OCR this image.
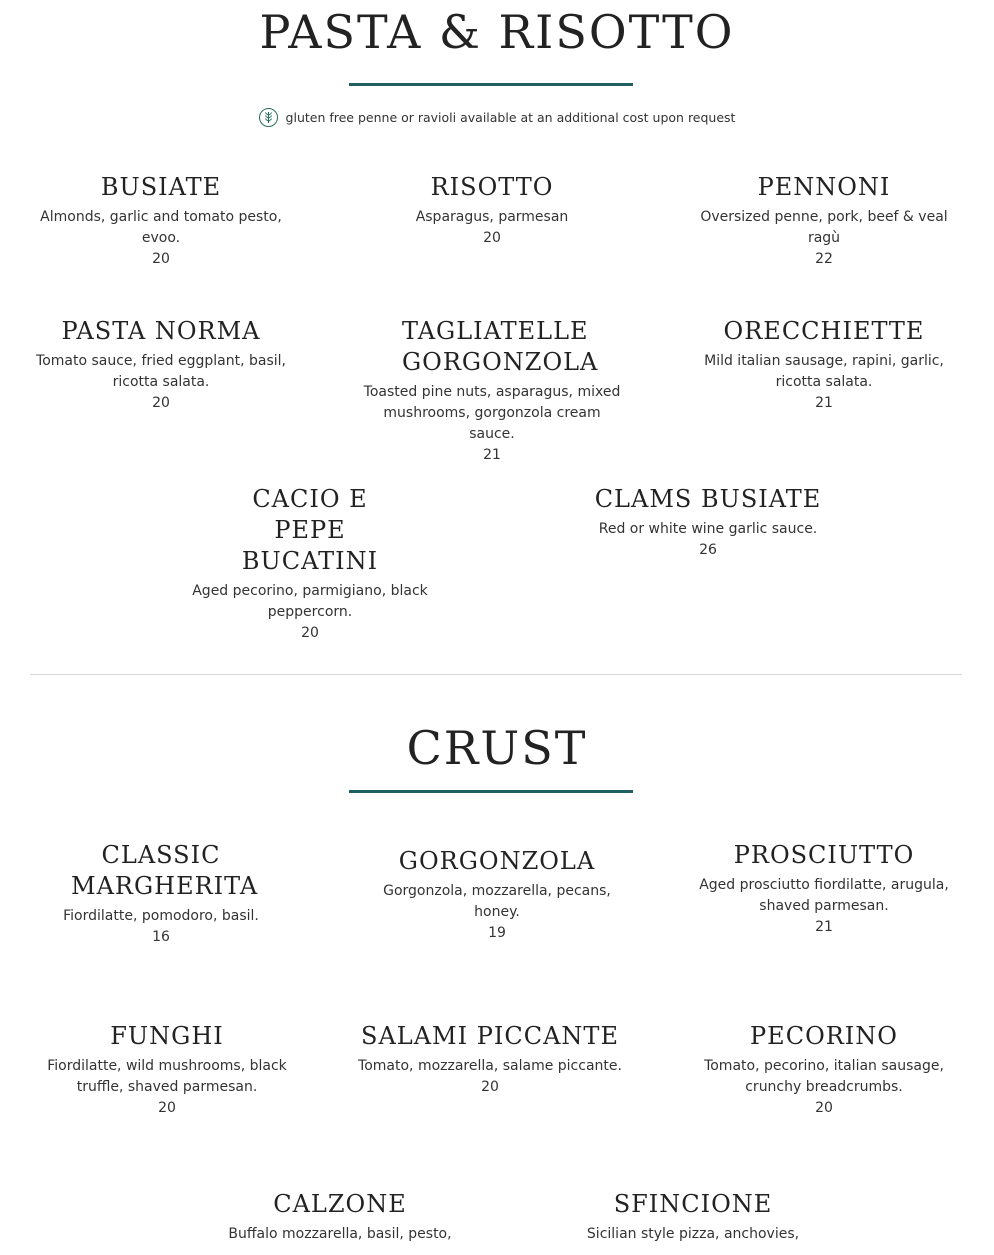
PASTA & RISOTTO
gluten free penne or ravioli available at an additional cost upon request
BUSIATE
Almonds, garlic and tomato pesto, evoo.
20
RISOTTO
Asparagus, parmesan
20
PENNONI
Oversized penne, pork, beef & veal ragù
22
PASTA NORMA
Tomato sauce, fried eggplant, basil, ricotta salata.
20
TAGLIATELLE GORGONZOLA
Toasted pine nuts, asparagus, mixed mushrooms, gorgonzola cream sauce.
21
ORECCHIETTE
Mild italian sausage, rapini, garlic, ricotta salata.
21
CACIO E PEPE BUCATINI
Aged pecorino, parmigiano, black peppercorn.
20
CLAMS BUSIATE
Red or white wine garlic sauce.
26
CRUST
CLASSIC MARGHERITA
Fiordilatte, pomodoro, basil.
16
GORGONZOLA
Gorgonzola, mozzarella, pecans, honey.
19
PROSCIUTTO
Aged prosciutto fiordilatte, arugula, shaved parmesan.
21
FUNGHI
Fiordilatte, wild mushrooms, black truffle, shaved parmesan.
20
SALAMI PICCANTE
Tomato, mozzarella, salame piccante.
20
PECORINO
Tomato, pecorino, italian sausage, crunchy breadcrumbs.
20
CALZONE
Buffalo mozzarella, basil, pesto,
SFINCIONE
Sicilian style pizza, anchovies,
